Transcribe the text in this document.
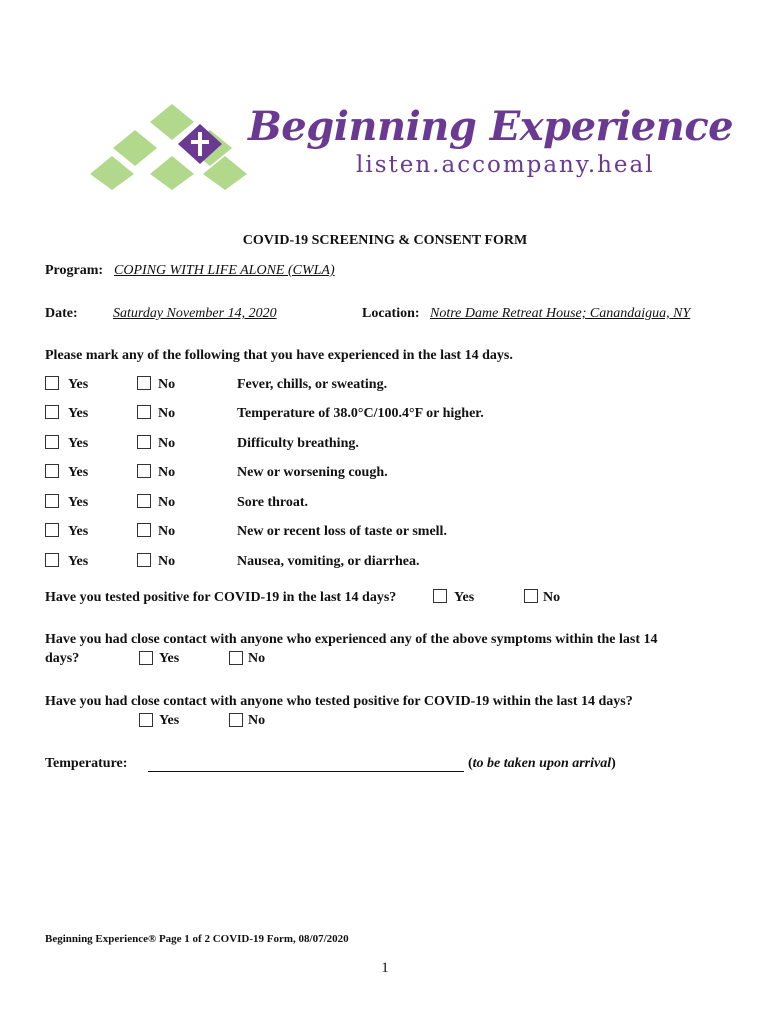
Beginning Experience
listen.accompany.heal
COVID-19 SCREENING & CONSENT FORM
Program: COPING WITH LIFE ALONE (CWLA)
Date:	Saturday November 14, 2020	Location: Notre Dame Retreat House; Canandaigua, NY
Please mark any of the following that you have experienced in the last 14 days.
Yes	No	Fever, chills, or sweating.
Yes	No	Temperature of 38.0°C/100.4°F or higher.
Yes	No	Difficulty breathing.
Yes	No	New or worsening cough.
Yes	No	Sore throat.
Yes	No	New or recent loss of taste or smell.
Yes	No	Nausea, vomiting, or diarrhea.
Have you tested positive for COVID-19 in the last 14 days?	Yes	No
Have you had close contact with anyone who experienced any of the above symptoms within the last 14
days?	Yes	No
Have you had close contact with anyone who tested positive for COVID-19 within the last 14 days?
Yes	No
Temperature:	(to be taken upon arrival)
Beginning Experience® Page 1 of 2 COVID-19 Form, 08/07/2020
1
